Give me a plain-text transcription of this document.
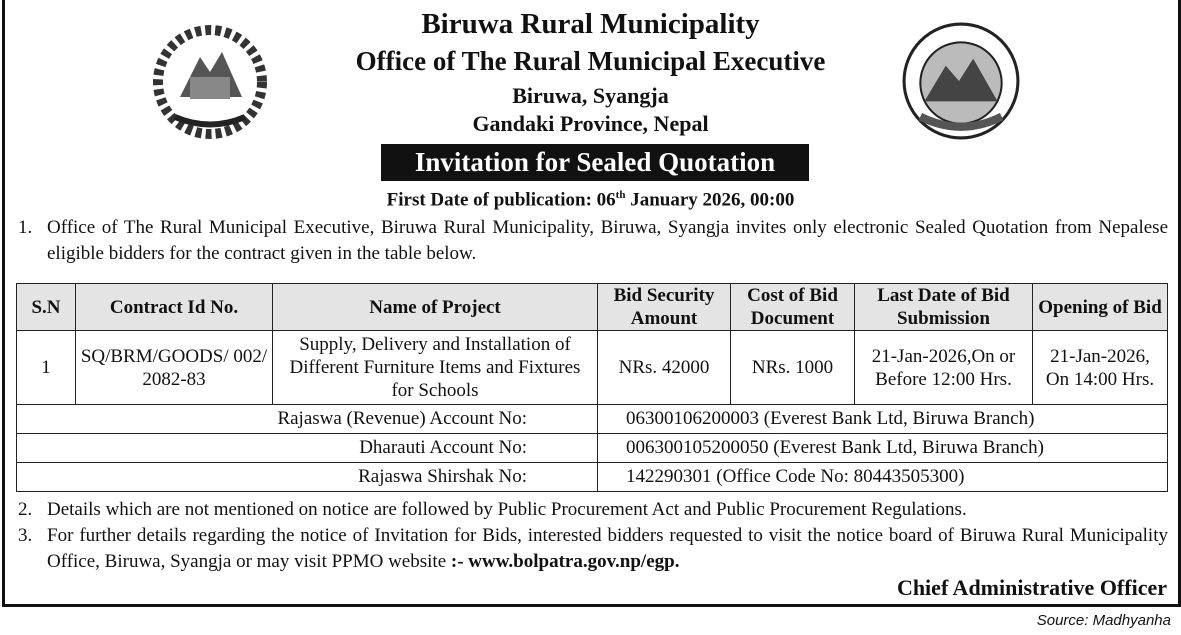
Biruwa Rural Municipality
Office of The Rural Municipal Executive
Biruwa, Syangja
Gandaki Province, Nepal
Invitation for Sealed Quotation
First Date of publication: 06th January 2026, 00:00
1. Office of The Rural Municipal Executive, Biruwa Rural Municipality, Biruwa, Syangja invites only electronic Sealed Quotation from Nepalese eligible bidders for the contract given in the table below.
S.N	Contract Id No.	Name of Project	Bid Security Amount	Cost of Bid Document	Last Date of Bid Submission	Opening of Bid
1	SQ/BRM/GOODS/ 002/ 2082-83	Supply, Delivery and Installation of Different Furniture Items and Fixtures for Schools	NRs. 42000	NRs. 1000	21-Jan-2026,On or Before 12:00 Hrs.	21-Jan-2026, On 14:00 Hrs.
Rajaswa (Revenue) Account No:			06300106200003 (Everest Bank Ltd, Biruwa Branch)			
Dharauti Account No:			006300105200050 (Everest Bank Ltd, Biruwa Branch)			
Rajaswa Shirshak No:			142290301 (Office Code No: 80443505300)			
2. Details which are not mentioned on notice are followed by Public Procurement Act and Public Procurement Regulations.
3. For further details regarding the notice of Invitation for Bids, interested bidders requested to visit the notice board of Biruwa Rural Municipality Office, Biruwa, Syangja or may visit PPMO website :- www.bolpatra.gov.np/egp.
Chief Administrative Officer
Source: Madhyanha
